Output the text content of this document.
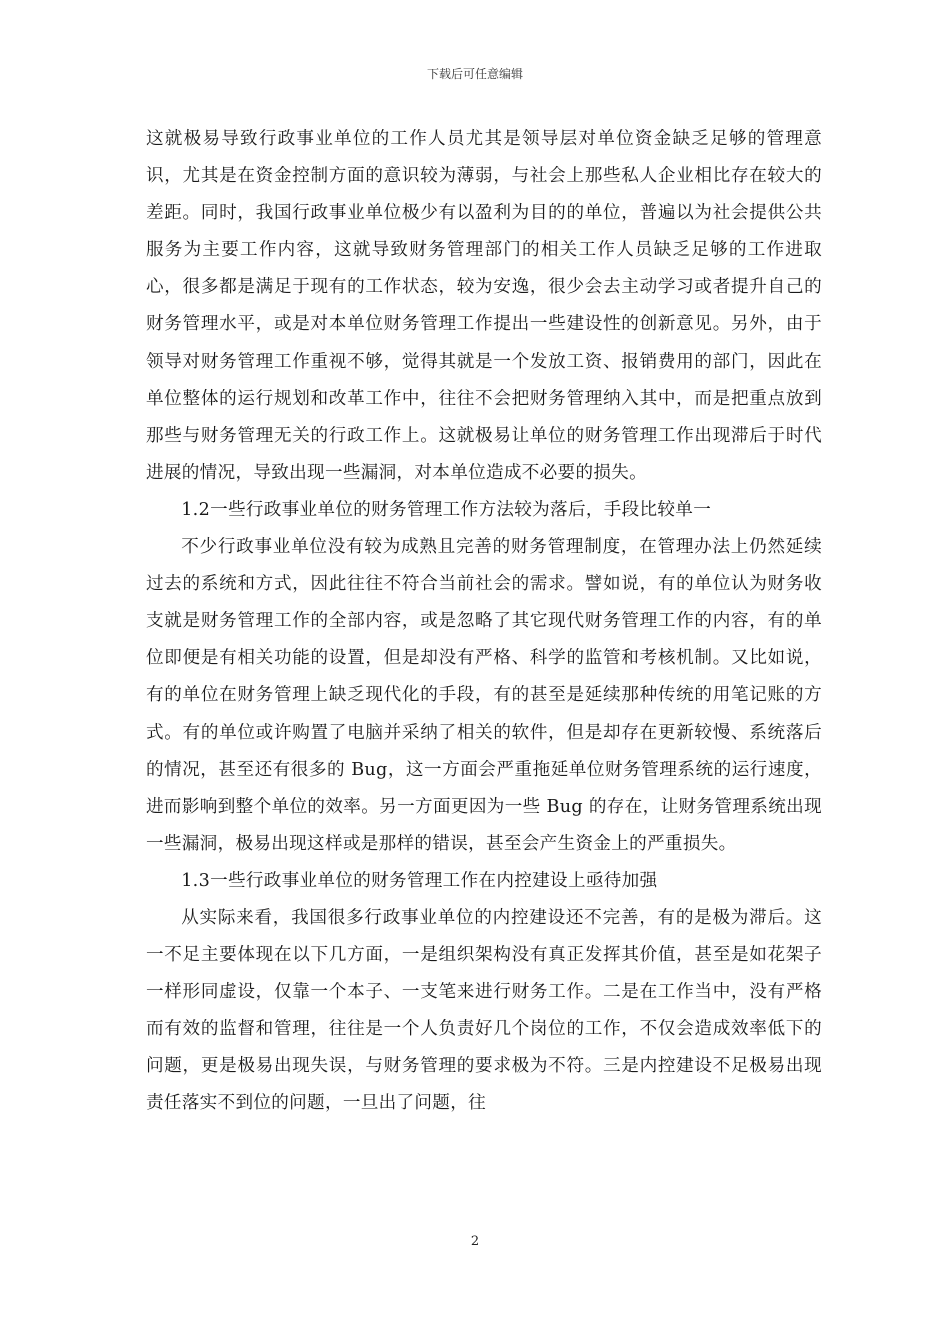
下载后可任意编辑

这就极易导致行政事业单位的工作人员尤其是领导层对单位资金缺乏足够的管理意识，尤其是在资金控制方面的意识较为薄弱，与社会上那些私人企业相比存在较大的差距。同时，我国行政事业单位极少有以盈利为目的的单位，普遍以为社会提供公共服务为主要工作内容，这就导致财务管理部门的相关工作人员缺乏足够的工作进取心，很多都是满足于现有的工作状态，较为安逸，很少会去主动学习或者提升自己的财务管理水平，或是对本单位财务管理工作提出一些建设性的创新意见。另外，由于领导对财务管理工作重视不够，觉得其就是一个发放工资、报销费用的部门，因此在单位整体的运行规划和改革工作中，往往不会把财务管理纳入其中，而是把重点放到那些与财务管理无关的行政工作上。这就极易让单位的财务管理工作出现滞后于时代进展的情况，导致出现一些漏洞，对本单位造成不必要的损失。

1.2一些行政事业单位的财务管理工作方法较为落后，手段比较单一

不少行政事业单位没有较为成熟且完善的财务管理制度，在管理办法上仍然延续过去的系统和方式，因此往往不符合当前社会的需求。譬如说，有的单位认为财务收支就是财务管理工作的全部内容，或是忽略了其它现代财务管理工作的内容，有的单位即便是有相关功能的设置，但是却没有严格、科学的监管和考核机制。又比如说，有的单位在财务管理上缺乏现代化的手段，有的甚至是延续那种传统的用笔记账的方式。有的单位或许购置了电脑并采纳了相关的软件，但是却存在更新较慢、系统落后的情况，甚至还有很多的 Bug，这一方面会严重拖延单位财务管理系统的运行速度，进而影响到整个单位的效率。另一方面更因为一些 Bug 的存在，让财务管理系统出现一些漏洞，极易出现这样或是那样的错误，甚至会产生资金上的严重损失。

1.3一些行政事业单位的财务管理工作在内控建设上亟待加强

从实际来看，我国很多行政事业单位的内控建设还不完善，有的是极为滞后。这一不足主要体现在以下几方面，一是组织架构没有真正发挥其价值，甚至是如花架子一样形同虚设，仅靠一个本子、一支笔来进行财务工作。二是在工作当中，没有严格而有效的监督和管理，往往是一个人负责好几个岗位的工作，不仅会造成效率低下的问题，更是极易出现失误，与财务管理的要求极为不符。三是内控建设不足极易出现责任落实不到位的问题，一旦出了问题，往

2
